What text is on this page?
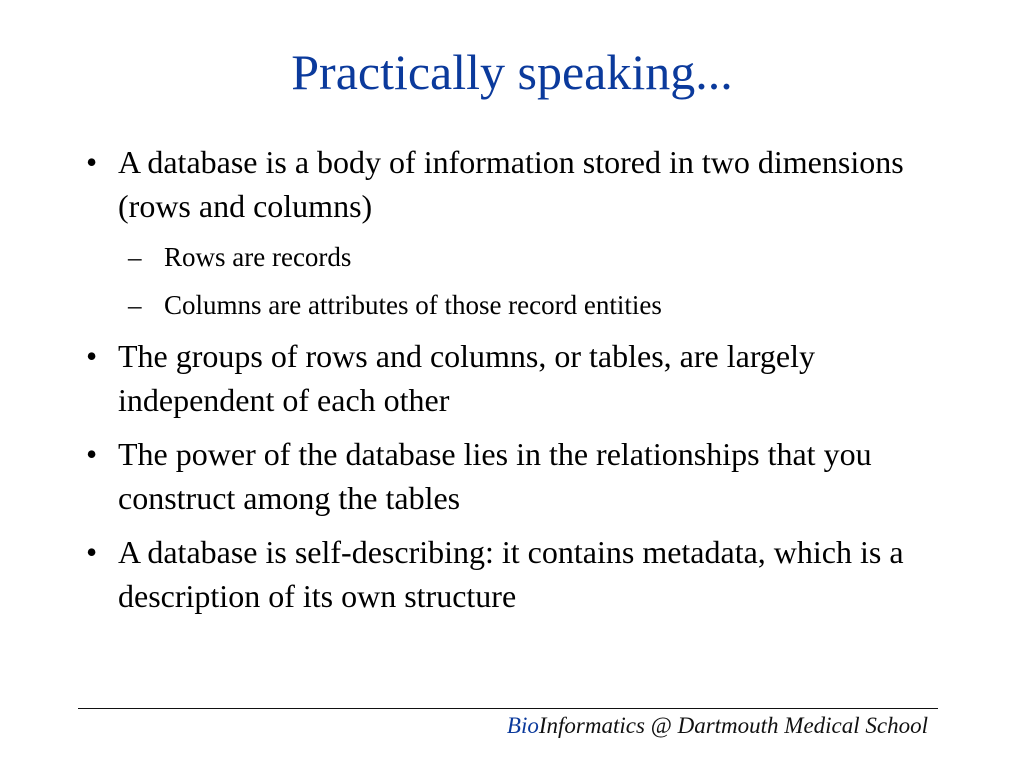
Practically speaking...
• A database is a body of information stored in two dimensions (rows and columns)
– Rows are records
– Columns are attributes of those record entities
• The groups of rows and columns, or tables, are largely independent of each other
• The power of the database lies in the relationships that you construct among the tables
• A database is self-describing: it contains metadata, which is a description of its own structure
BioInformatics @ Dartmouth Medical School
